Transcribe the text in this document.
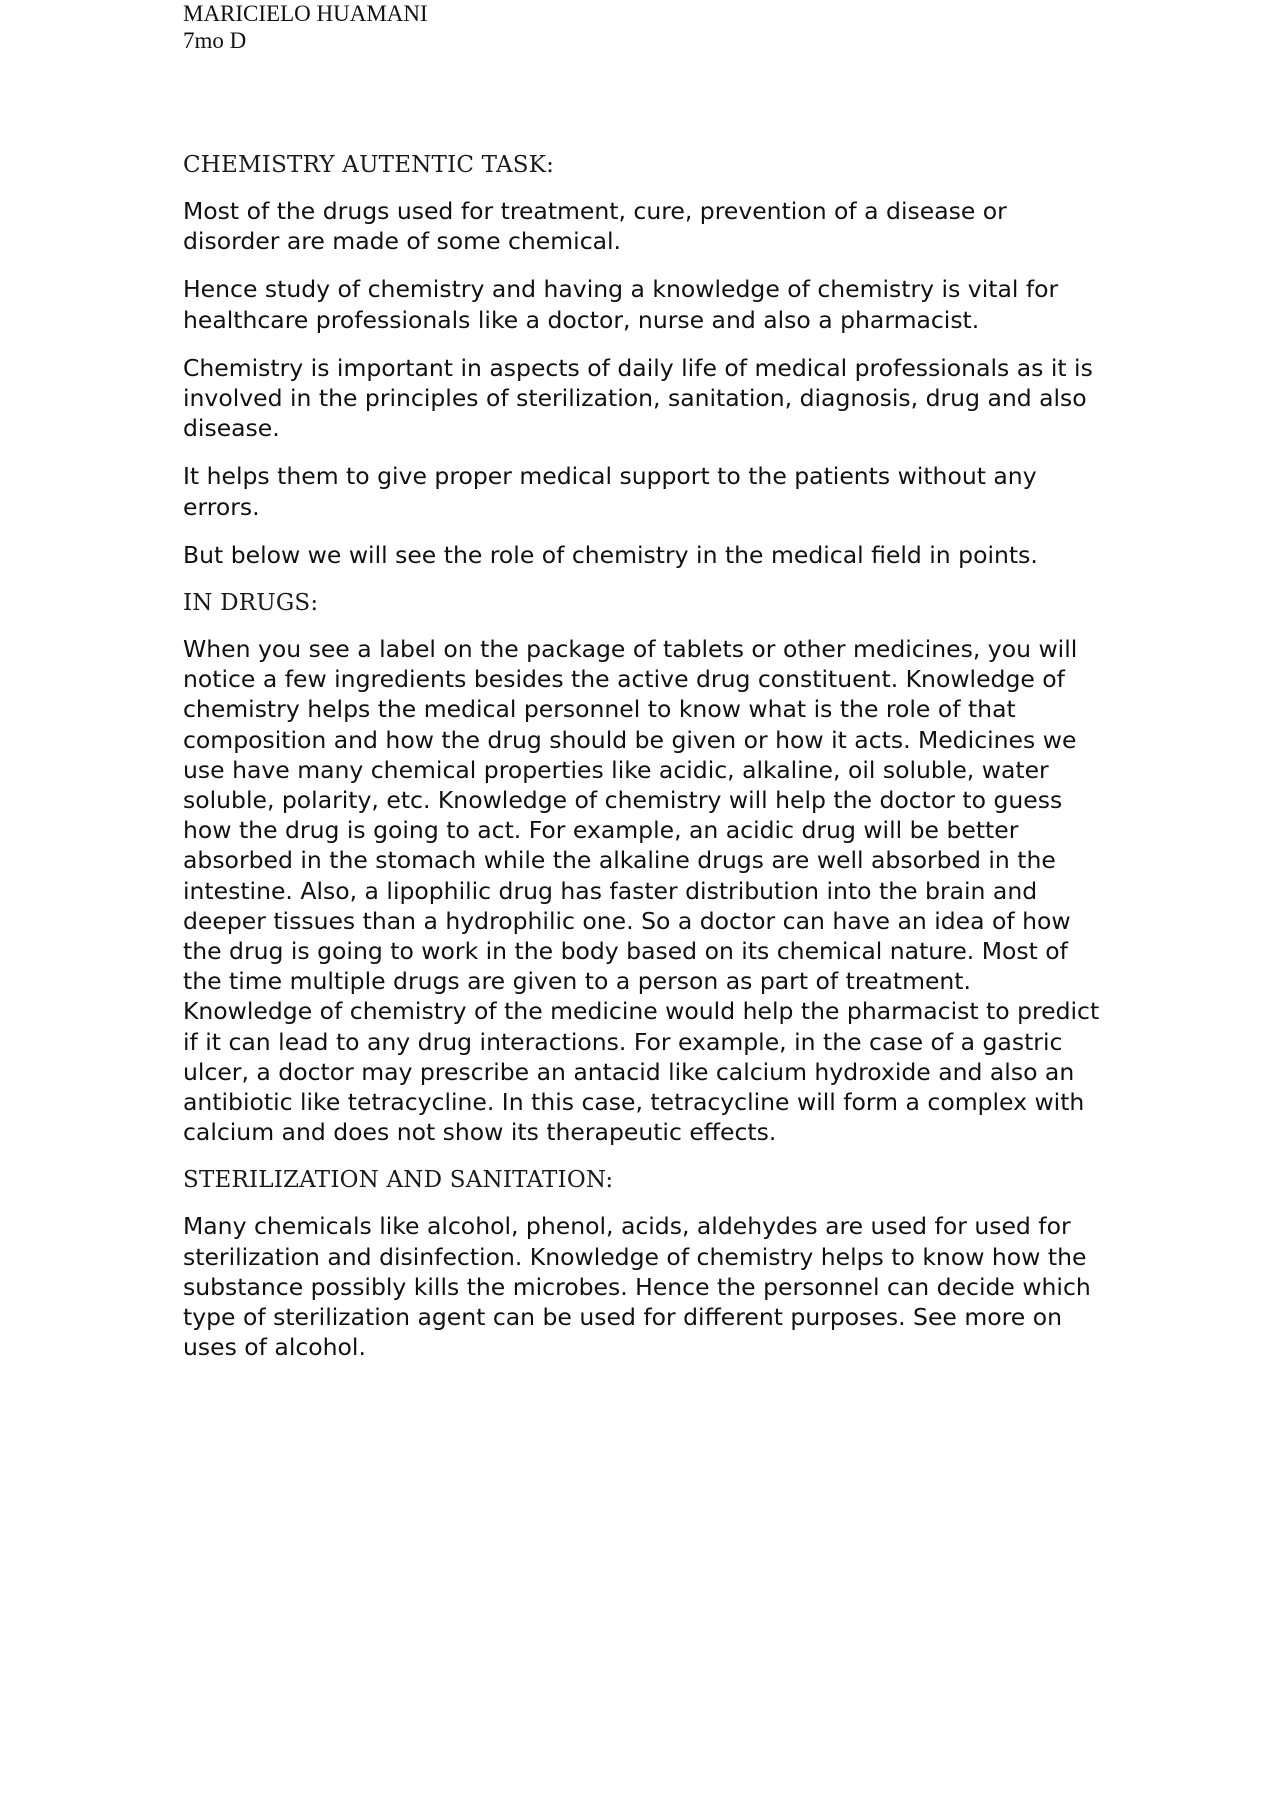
MARICIELO HUAMANI
7mo D
CHEMISTRY AUTENTIC TASK:

Most of the drugs used for treatment, cure, prevention of a disease or disorder are made of some chemical.

Hence study of chemistry and having a knowledge of chemistry is vital for healthcare professionals like a doctor, nurse and also a pharmacist.

Chemistry is important in aspects of daily life of medical professionals as it is involved in the principles of sterilization, sanitation, diagnosis, drug and also disease.

It helps them to give proper medical support to the patients without any errors.

But below we will see the role of chemistry in the medical field in points.

IN DRUGS:

When you see a label on the package of tablets or other medicines, you will notice a few ingredients besides the active drug constituent. Knowledge of chemistry helps the medical personnel to know what is the role of that composition and how the drug should be given or how it acts. Medicines we use have many chemical properties like acidic, alkaline, oil soluble, water soluble, polarity, etc. Knowledge of chemistry will help the doctor to guess how the drug is going to act. For example, an acidic drug will be better absorbed in the stomach while the alkaline drugs are well absorbed in the intestine. Also, a lipophilic drug has faster distribution into the brain and deeper tissues than a hydrophilic one. So a doctor can have an idea of how the drug is going to work in the body based on its chemical nature. Most of the time multiple drugs are given to a person as part of treatment. Knowledge of chemistry of the medicine would help the pharmacist to predict if it can lead to any drug interactions. For example, in the case of a gastric ulcer, a doctor may prescribe an antacid like calcium hydroxide and also an antibiotic like tetracycline. In this case, tetracycline will form a complex with calcium and does not show its therapeutic effects.

STERILIZATION AND SANITATION:

Many chemicals like alcohol, phenol, acids, aldehydes are used for used for sterilization and disinfection. Knowledge of chemistry helps to know how the substance possibly kills the microbes. Hence the personnel can decide which type of sterilization agent can be used for different purposes. See more on uses of alcohol.
